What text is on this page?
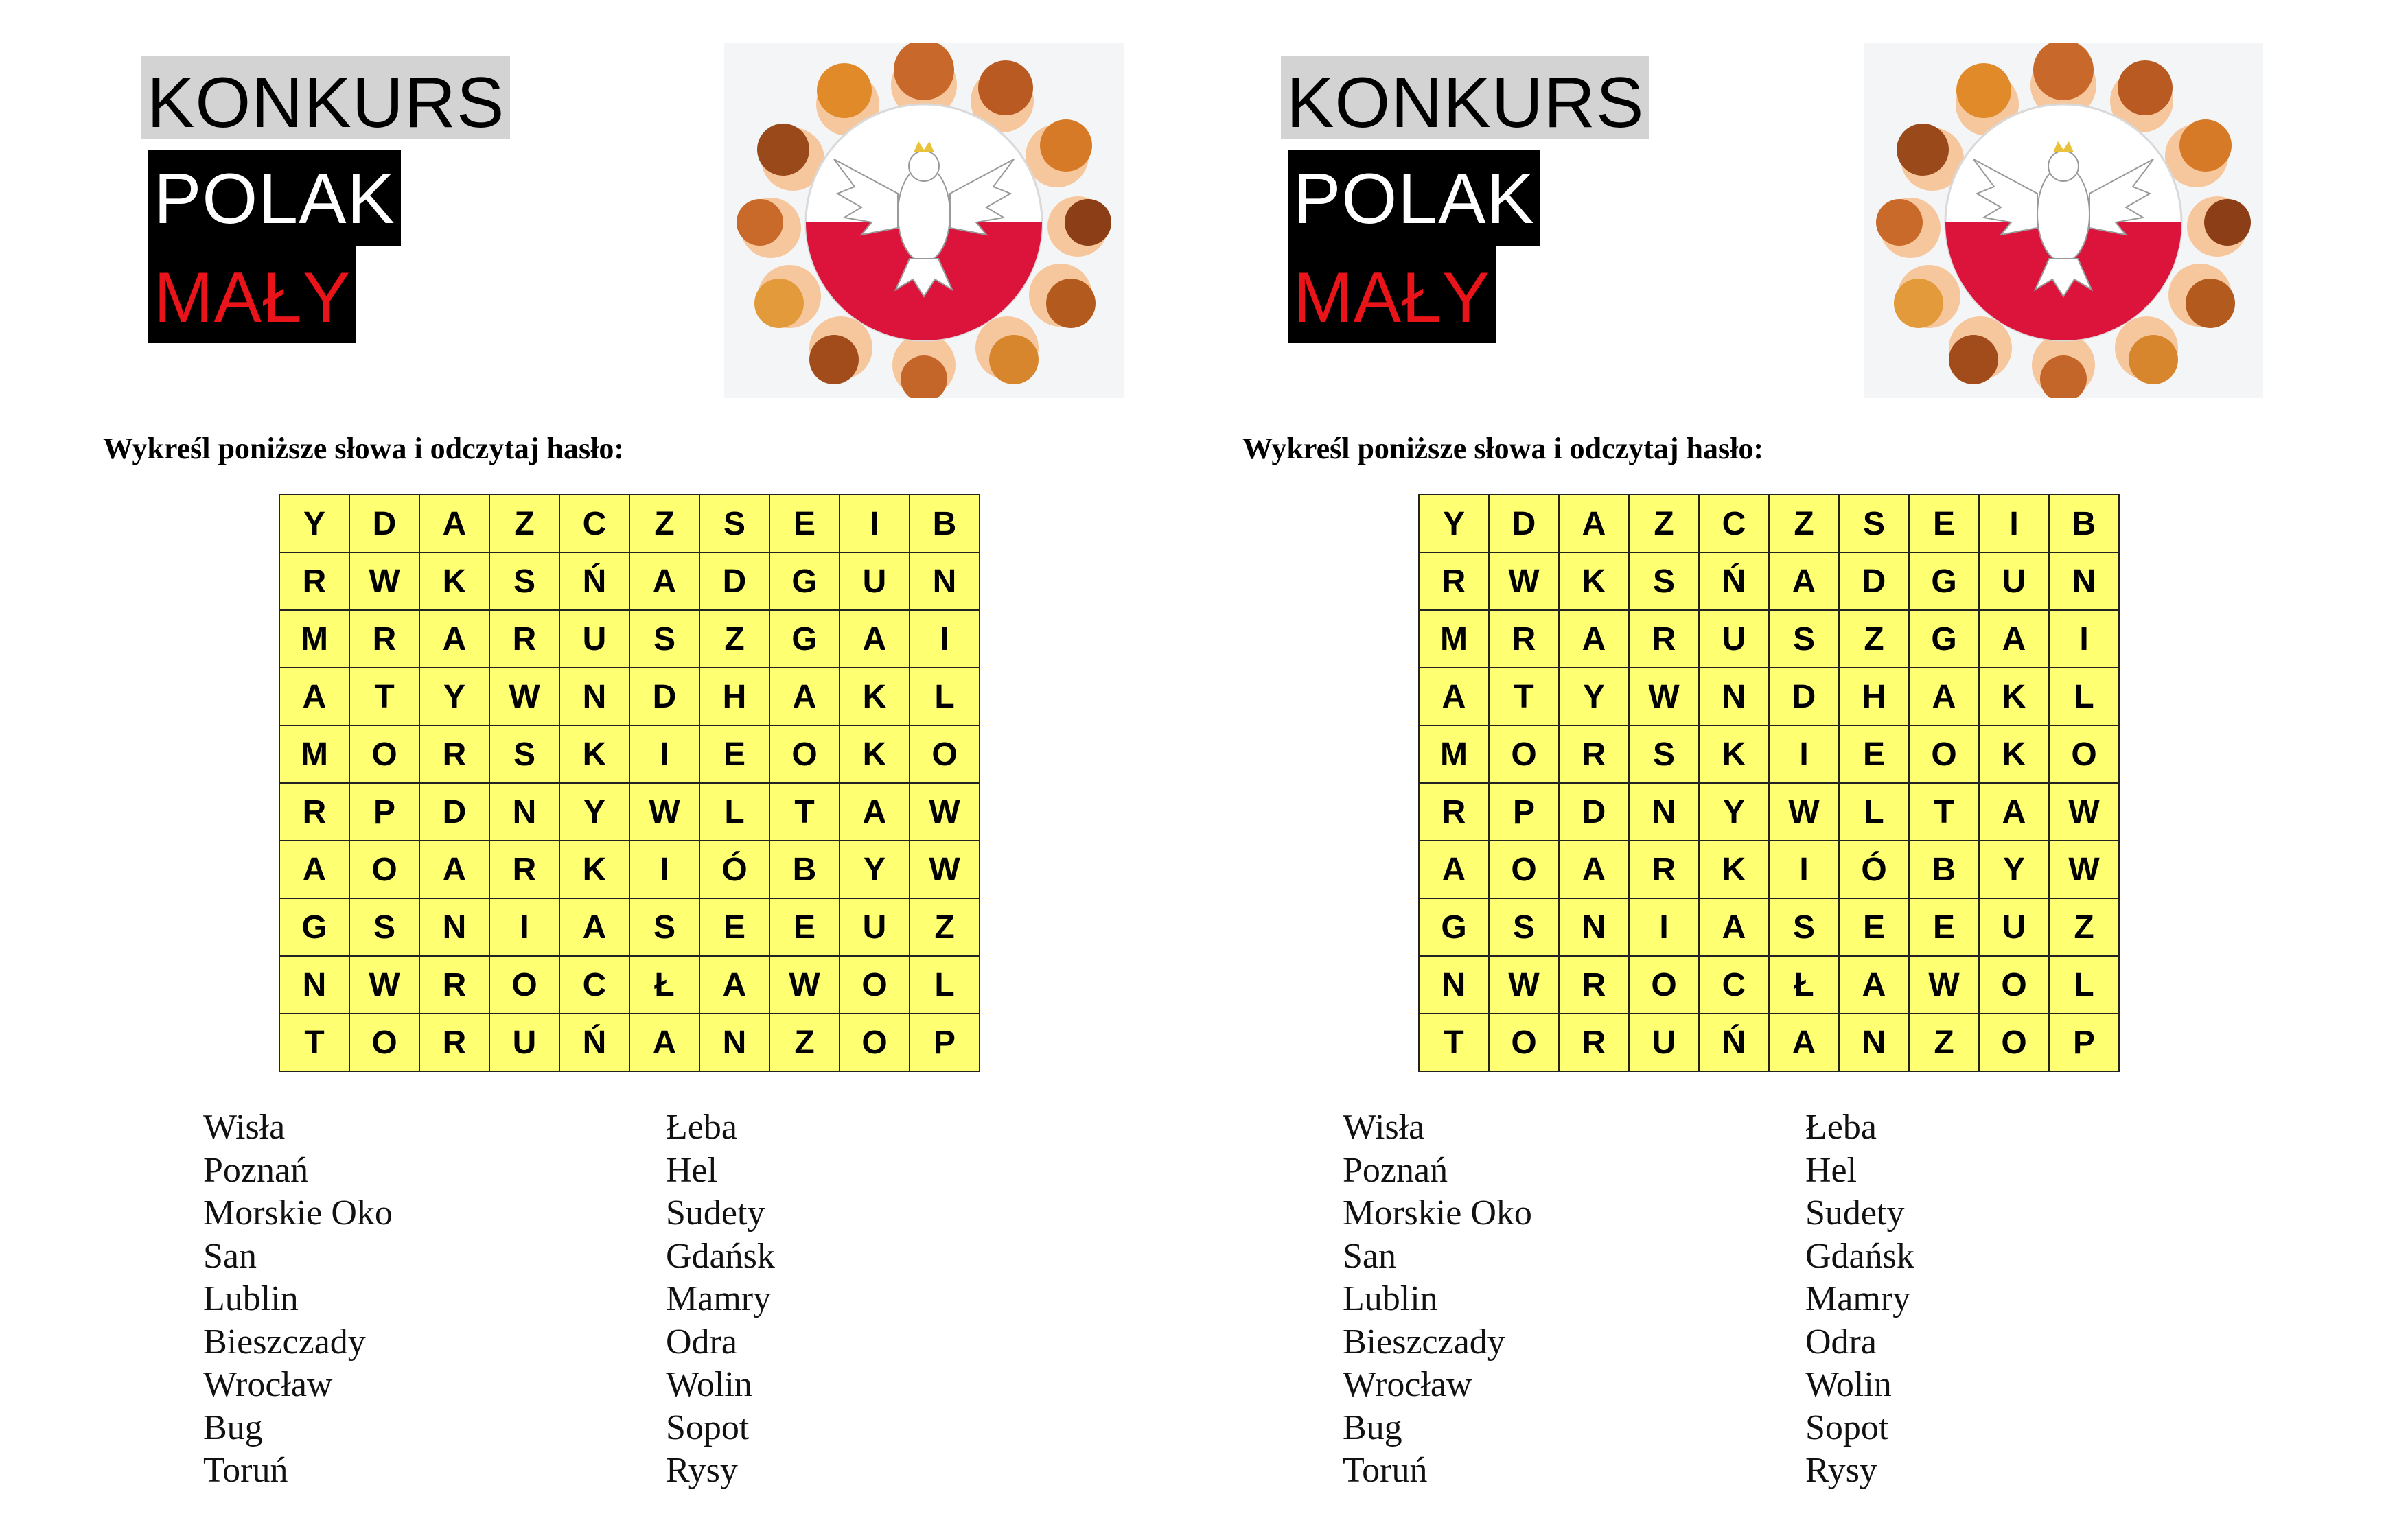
KONKURS
POLAK
MAŁY
Wykreśl poniższe słowa i odczytaj hasło:
Y	D	A	Z	C	Z	S	E	I	B
R	W	K	S	Ń	A	D	G	U	N
M	R	A	R	U	S	Z	G	A	I
A	T	Y	W	N	D	H	A	K	L
M	O	R	S	K	I	E	O	K	O
R	P	D	N	Y	W	L	T	A	W
A	O	A	R	K	I	Ó	B	Y	W
G	S	N	I	A	S	E	E	U	Z
N	W	R	O	C	Ł	A	W	O	L
T	O	R	U	Ń	A	N	Z	O	P
Wisła
Poznań
Morskie Oko
San
Lublin
Bieszczady
Wrocław
Bug
Toruń
Łeba
Hel
Sudety
Gdańsk
Mamry
Odra
Wolin
Sopot
Rysy
KONKURS
POLAK
MAŁY
Wykreśl poniższe słowa i odczytaj hasło:
Y	D	A	Z	C	Z	S	E	I	B
R	W	K	S	Ń	A	D	G	U	N
M	R	A	R	U	S	Z	G	A	I
A	T	Y	W	N	D	H	A	K	L
M	O	R	S	K	I	E	O	K	O
R	P	D	N	Y	W	L	T	A	W
A	O	A	R	K	I	Ó	B	Y	W
G	S	N	I	A	S	E	E	U	Z
N	W	R	O	C	Ł	A	W	O	L
T	O	R	U	Ń	A	N	Z	O	P
Wisła
Poznań
Morskie Oko
San
Lublin
Bieszczady
Wrocław
Bug
Toruń
Łeba
Hel
Sudety
Gdańsk
Mamry
Odra
Wolin
Sopot
Rysy
